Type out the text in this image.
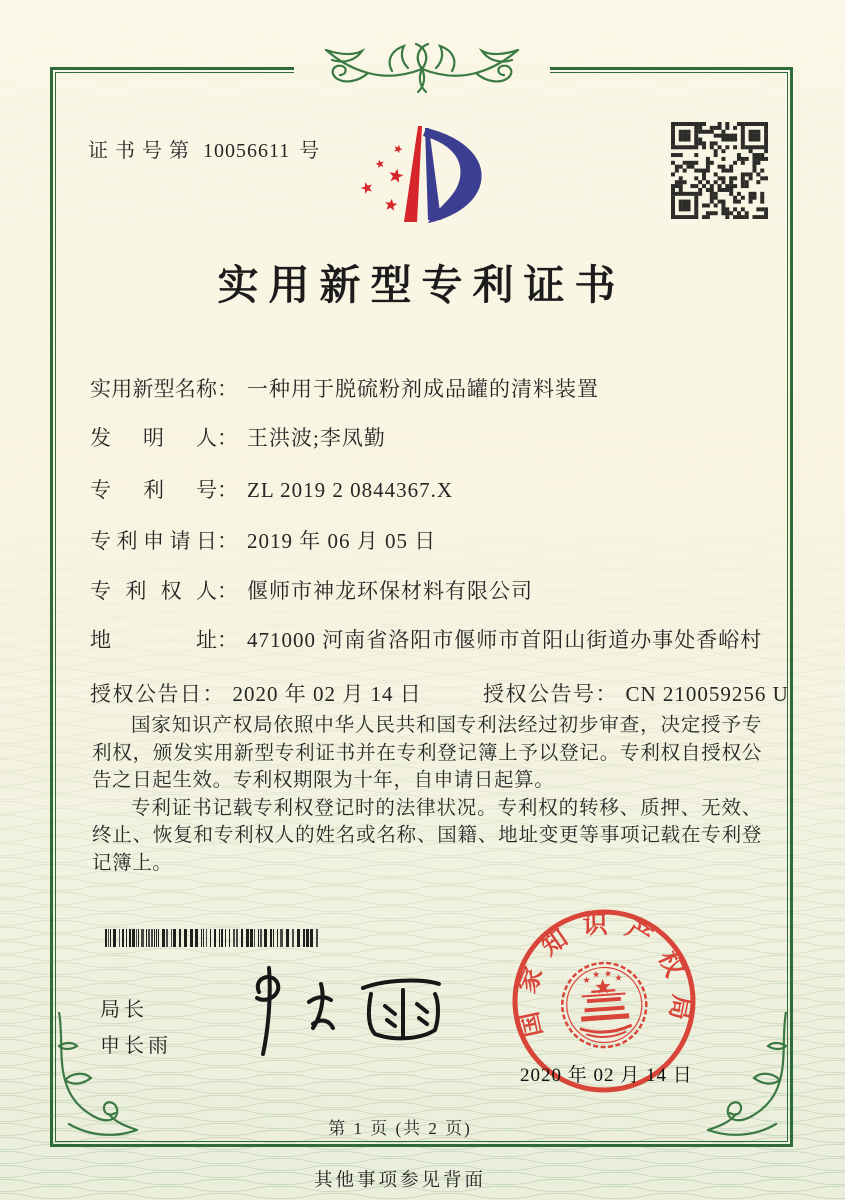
证书号第 10056611 号
实用新型专利证书
实用新型名称： 一种用于脱硫粉剂成品罐的清料装置
发明人： 王洪波;李凤勤
专利号： ZL 2019 2 0844367.X
专利申请日： 2019 年 06 月 05 日
专利权人： 偃师市神龙环保材料有限公司
地址： 471000 河南省洛阳市偃师市首阳山街道办事处香峪村
授权公告日： 2020 年 02 月 14 日	授权公告号： CN 210059256 U

国家知识产权局依照中华人民共和国专利法经过初步审查，决定授予专利权，颁发实用新型专利证书并在专利登记簿上予以登记。专利权自授权公告之日起生效。专利权期限为十年，自申请日起算。

专利证书记载专利权登记时的法律状况。专利权的转移、质押、无效、终止、恢复和专利权人的姓名或名称、国籍、地址变更等事项记载在专利登记簿上。

局长
申长雨
国家知识产权局
2020 年 02 月 14 日
第 1 页 (共 2 页)
其他事项参见背面
